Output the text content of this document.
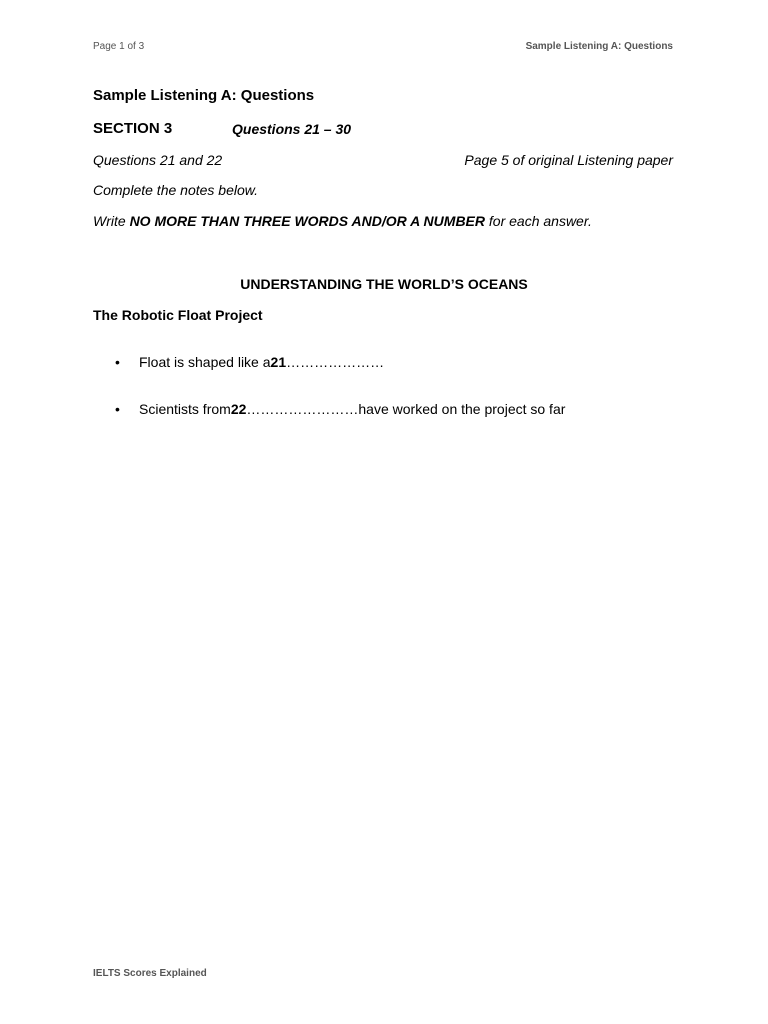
Page 1 of 3	Sample Listening A: Questions
Sample Listening A: Questions
SECTION 3	Questions 21 – 30
Questions 21 and 22	Page 5 of original Listening paper
Complete the notes below.
Write NO MORE THAN THREE WORDS AND/OR A NUMBER for each answer.
UNDERSTANDING THE WORLD’S OCEANS
The Robotic Float Project
•	Float is shaped like a 21 …………………
•	Scientists from 22 …………………… have worked on the project so far
IELTS Scores Explained
